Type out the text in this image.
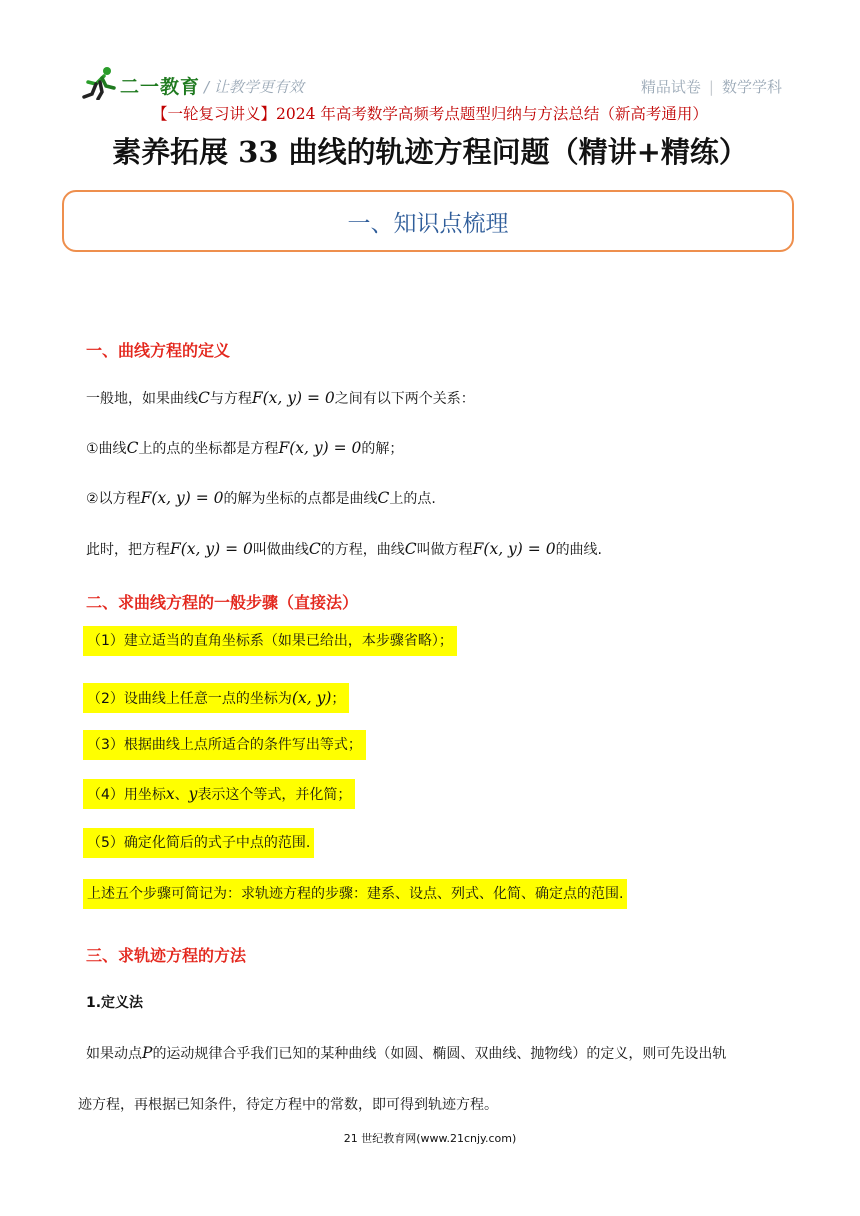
二一教育 / 让教学更有效	精品试卷 | 数学学科
【一轮复习讲义】2024 年高考数学高频考点题型归纳与方法总结（新高考通用）
素养拓展 33 曲线的轨迹方程问题（精讲+精练）
一、知识点梳理
一、曲线方程的定义
一般地，如果曲线C与方程F(x, y) = 0之间有以下两个关系：
①曲线C上的点的坐标都是方程F(x, y) = 0的解；
②以方程F(x, y) = 0的解为坐标的点都是曲线C上的点.
此时，把方程F(x, y) = 0叫做曲线C的方程，曲线C叫做方程F(x, y) = 0的曲线.
二、求曲线方程的一般步骤（直接法）
（1）建立适当的直角坐标系（如果已给出，本步骤省略）；
（2）设曲线上任意一点的坐标为(x, y)；
（3）根据曲线上点所适合的条件写出等式；
（4）用坐标x、y表示这个等式，并化简；
（5）确定化简后的式子中点的范围.
上述五个步骤可简记为：求轨迹方程的步骤：建系、设点、列式、化简、确定点的范围.
三、求轨迹方程的方法
1.定义法
如果动点P的运动规律合乎我们已知的某种曲线（如圆、椭圆、双曲线、抛物线）的定义，则可先设出轨
迹方程，再根据已知条件，待定方程中的常数，即可得到轨迹方程。
21 世纪教育网(www.21cnjy.com)
